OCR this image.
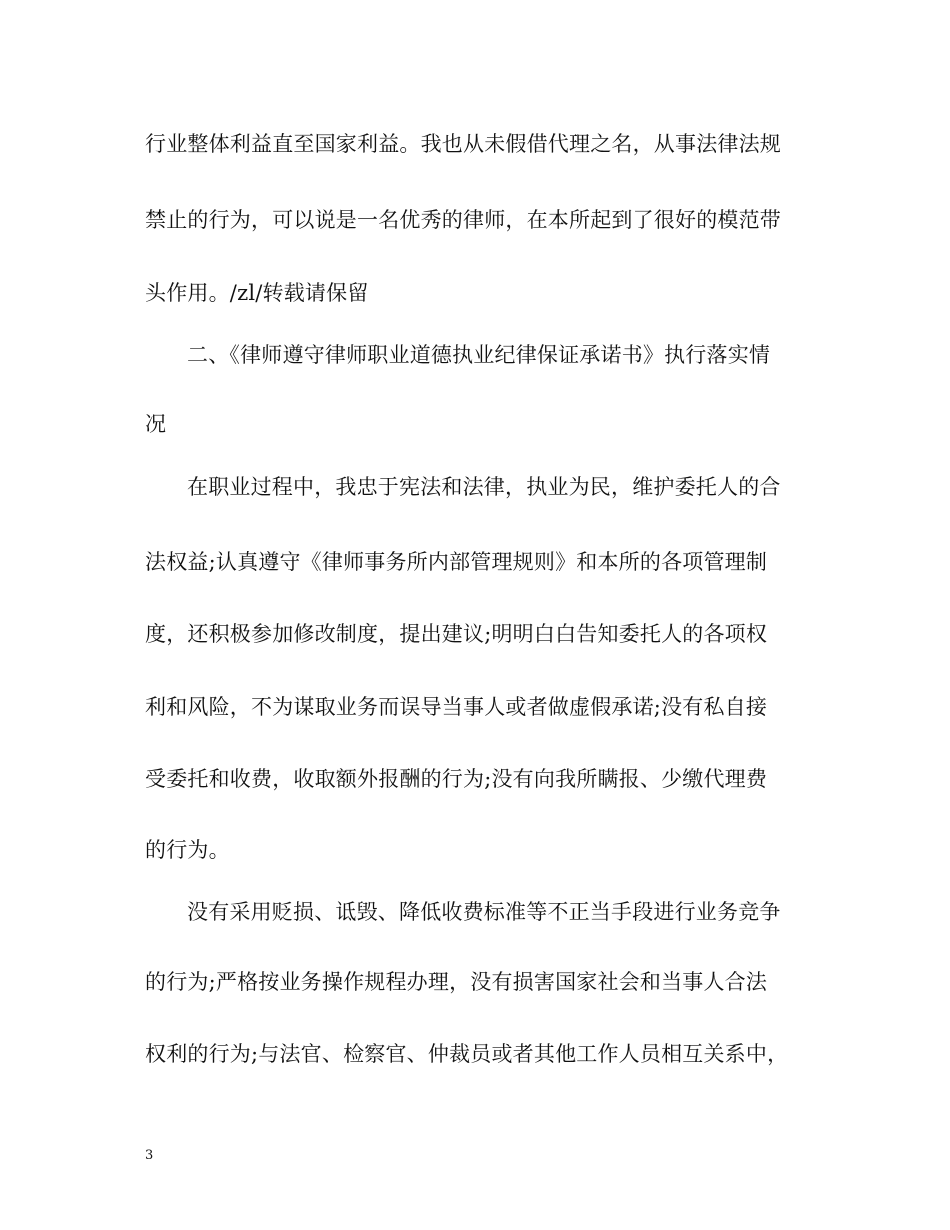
行业整体利益直至国家利益。我也从未假借代理之名，从事法律法规
禁止的行为，可以说是一名优秀的律师，在本所起到了很好的模范带
头作用。/zl/转载请保留
二、《律师遵守律师职业道德执业纪律保证承诺书》执行落实情
况
在职业过程中，我忠于宪法和法律，执业为民，维护委托人的合
法权益;认真遵守《律师事务所内部管理规则》和本所的各项管理制
度，还积极参加修改制度，提出建议;明明白白告知委托人的各项权
利和风险，不为谋取业务而误导当事人或者做虚假承诺;没有私自接
受委托和收费，收取额外报酬的行为;没有向我所瞒报、少缴代理费
的行为。
没有采用贬损、诋毁、降低收费标准等不正当手段进行业务竞争
的行为;严格按业务操作规程办理，没有损害国家社会和当事人合法
权利的行为;与法官、检察官、仲裁员或者其他工作人员相互关系中，
3
